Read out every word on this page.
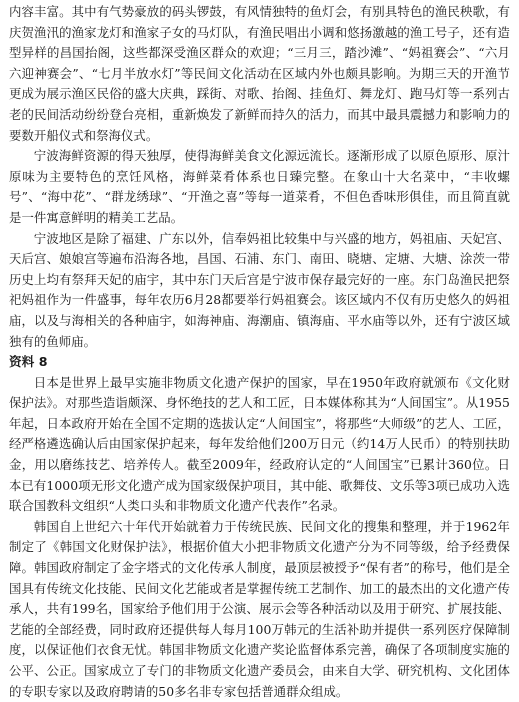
内容丰富。其中有气势豪放的码头锣鼓，有风情独特的鱼灯会，有别具特色的渔民秧歌，有庆贺渔汛的渔家龙灯和渔家子女的马灯队，有渔民唱出小调和悠扬激越的渔工号子，还有造型异样的昌国抬阁，这些都深受渔区群众的欢迎；“三月三，踏沙滩”、“妈祖赛会”、“六月六迎神赛会”、“七月半放水灯”等民间文化活动在区域内外也颇具影响。为期三天的开渔节更成为展示渔区民俗的盛大庆典，踩街、对歌、抬阁、挂鱼灯、舞龙灯、跑马灯等一系列古老的民间活动纷纷登台亮相，重新焕发了新鲜而持久的活力，而其中最具震撼力和影响力的要数开船仪式和祭海仪式。

宁波海鲜资源的得天独厚，使得海鲜美食文化源远流长。逐渐形成了以原色原形、原汁原味为主要特色的烹饪风格，海鲜菜肴体系也日臻完整。在象山十大名菜中，“丰收螺号”、“海中花”、“群龙绣球”、“开渔之喜”等每一道菜肴，不但色香味形俱佳，而且简直就是一件寓意鲜明的精美工艺品。

宁波地区是除了福建、广东以外，信奉妈祖比较集中与兴盛的地方，妈祖庙、天妃宫、天后宫、娘娘宫等遍布沿海各地，昌国、石浦、东门、南田、晓塘、定塘、大塘、涂茨一带历史上均有祭拜天妃的庙宇，其中东门天后宫是宁波市保存最完好的一座。东门岛渔民把祭祀妈祖作为一件盛事，每年农历6月28都要举行妈祖赛会。该区域内不仅有历史悠久的妈祖庙，以及与海相关的各种庙宇，如海神庙、海潮庙、镇海庙、平水庙等以外，还有宁波区域独有的鱼师庙。

资料 8

日本是世界上最早实施非物质文化遗产保护的国家，早在1950年政府就颁布《文化财保护法》。对那些造诣颇深、身怀绝技的艺人和工匠，日本媒体称其为“人间国宝”。从1955年起，日本政府开始在全国不定期的选拔认定“人间国宝”，将那些“大师级”的艺人、工匠，经严格遴选确认后由国家保护起来，每年发给他们200万日元（约14万人民币）的特别扶助金，用以磨练技艺、培养传人。截至2009年，经政府认定的“人间国宝”已累计360位。日本已有1000项无形文化遗产成为国家级保护项目，其中能、歌舞伎、文乐等3项已成功入选联合国教科文组织“人类口头和非物质文化遗产代表作”名录。

韩国自上世纪六十年代开始就着力于传统民族、民间文化的搜集和整理，并于1962年制定了《韩国文化财保护法》，根据价值大小把非物质文化遗产分为不同等级，给予经费保障。韩国政府制定了金字塔式的文化传承人制度，最顶层被授予“保有者”的称号，他们是全国具有传统文化技能、民间文化艺能或者是掌握传统工艺制作、加工的最杰出的文化遗产传承人，共有199名，国家给予他们用于公演、展示会等各种活动以及用于研究、扩展技能、艺能的全部经费，同时政府还提供每人每月100万韩元的生活补助并提供一系列医疗保障制度，以保证他们衣食无忧。韩国非物质文化遗产奖论监督体系完善，确保了各项制度实施的公平、公正。国家成立了专门的非物质文化遗产委员会，由来自大学、研究机构、文化团体的专职专家以及政府聘请的50多名非专家包括普通群众组成。
